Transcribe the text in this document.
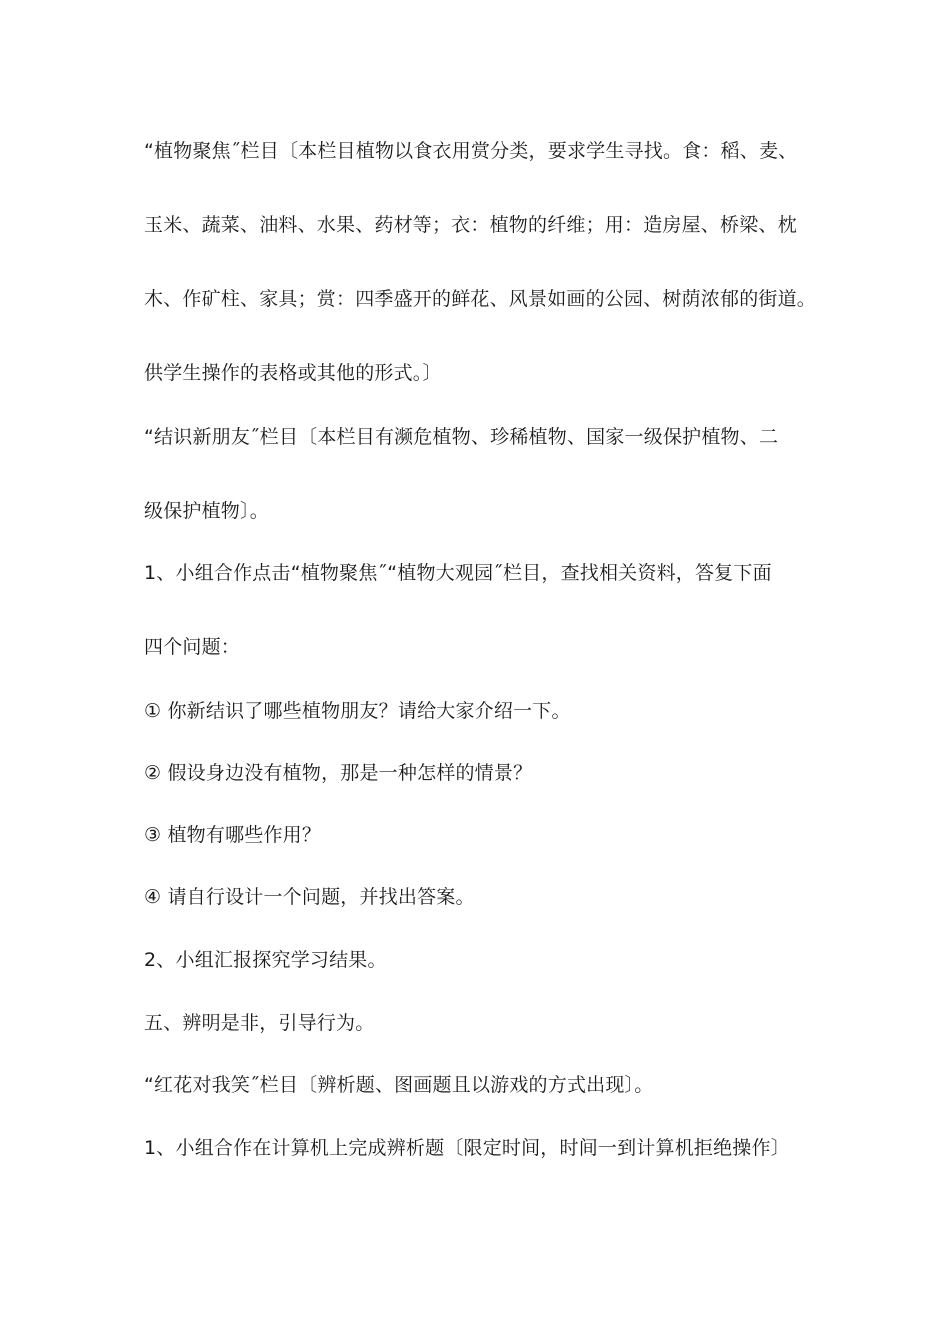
“植物聚焦˝栏目〔本栏目植物以食衣用赏分类，要求学生寻找。食：稻、麦、
玉米、蔬菜、油料、水果、药材等；衣：植物的纤维；用：造房屋、桥梁、枕
木、作矿柱、家具；赏：四季盛开的鲜花、风景如画的公园、树荫浓郁的街道。
供学生操作的表格或其他的形式。〕
“结识新朋友˝栏目〔本栏目有濒危植物、珍稀植物、国家一级保护植物、二
级保护植物〕。
1、小组合作点击“植物聚焦˝“植物大观园˝栏目，查找相关资料，答复下面
四个问题：
① 你新结识了哪些植物朋友？请给大家介绍一下。
② 假设身边没有植物，那是一种怎样的情景？
③ 植物有哪些作用？
④ 请自行设计一个问题，并找出答案。
2、小组汇报探究学习结果。
五、辨明是非，引导行为。
“红花对我笑˝栏目〔辨析题、图画题且以游戏的方式出现〕。
1、小组合作在计算机上完成辨析题〔限定时间，时间一到计算机拒绝操作〕
